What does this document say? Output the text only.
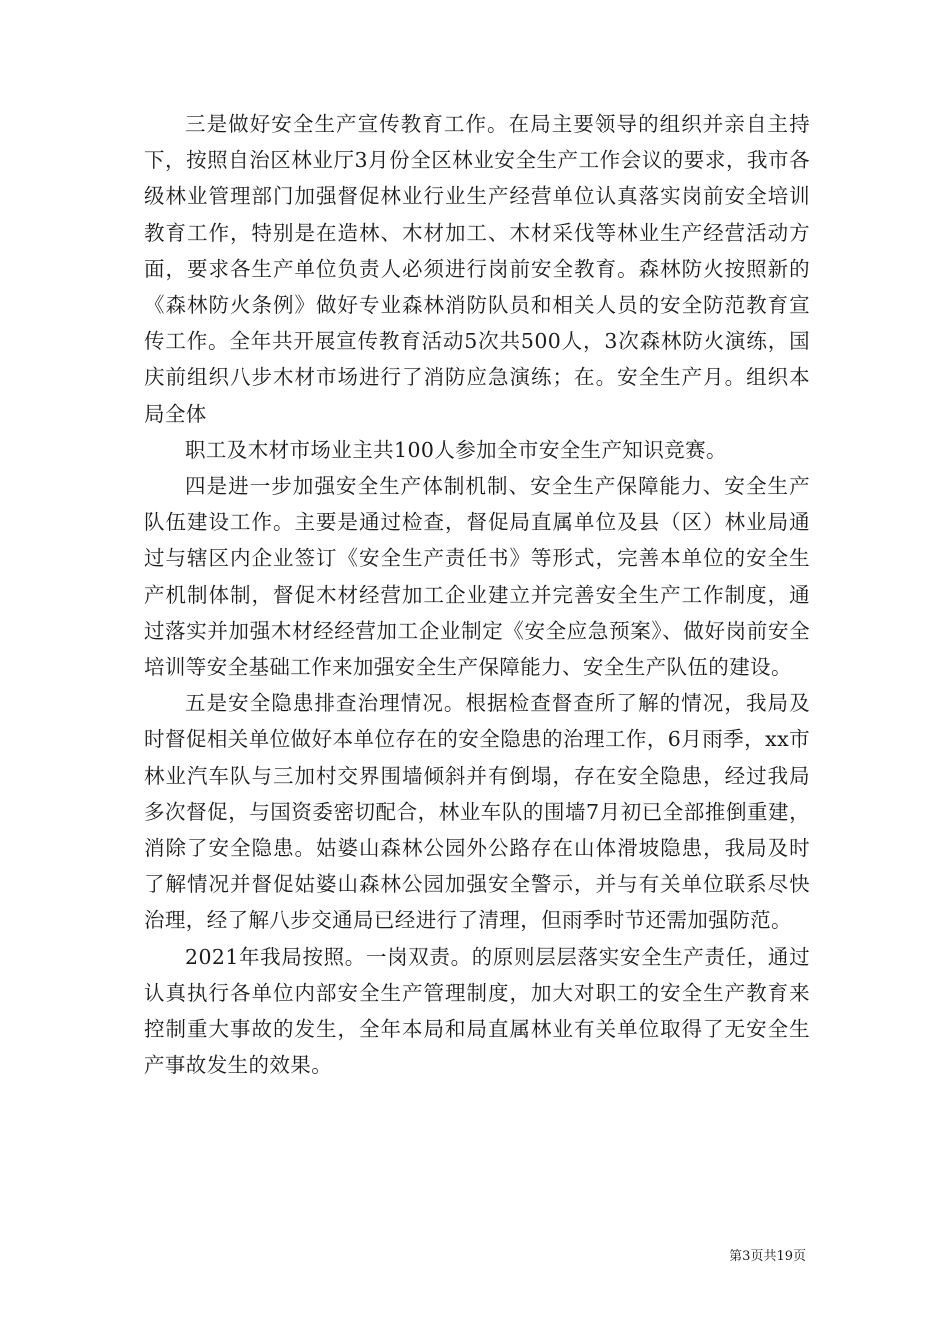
三是做好安全生产宣传教育工作。在局主要领导的组织并亲自主持下，按照自治区林业厅3月份全区林业安全生产工作会议的要求，我市各级林业管理部门加强督促林业行业生产经营单位认真落实岗前安全培训教育工作，特别是在造林、木材加工、木材采伐等林业生产经营活动方面，要求各生产单位负责人必须进行岗前安全教育。森林防火按照新的《森林防火条例》做好专业森林消防队员和相关人员的安全防范教育宣传工作。全年共开展宣传教育活动5次共500人，3次森林防火演练，国庆前组织八步木材市场进行了消防应急演练；在。安全生产月。组织本局全体

职工及木材市场业主共100人参加全市安全生产知识竞赛。

四是进一步加强安全生产体制机制、安全生产保障能力、安全生产队伍建设工作。主要是通过检查，督促局直属单位及县（区）林业局通过与辖区内企业签订《安全生产责任书》等形式，完善本单位的安全生产机制体制，督促木材经营加工企业建立并完善安全生产工作制度，通过落实并加强木材经经营加工企业制定《安全应急预案》、做好岗前安全培训等安全基础工作来加强安全生产保障能力、安全生产队伍的建设。

五是安全隐患排查治理情况。根据检查督查所了解的情况，我局及时督促相关单位做好本单位存在的安全隐患的治理工作，6月雨季，xx市林业汽车队与三加村交界围墙倾斜并有倒塌，存在安全隐患，经过我局多次督促，与国资委密切配合，林业车队的围墙7月初已全部推倒重建，消除了安全隐患。姑婆山森林公园外公路存在山体滑坡隐患，我局及时了解情况并督促姑婆山森林公园加强安全警示，并与有关单位联系尽快治理，经了解八步交通局已经进行了清理，但雨季时节还需加强防范。

2021年我局按照。一岗双责。的原则层层落实安全生产责任，通过认真执行各单位内部安全生产管理制度，加大对职工的安全生产教育来控制重大事故的发生，全年本局和局直属林业有关单位取得了无安全生产事故发生的效果。

第3页共19页
